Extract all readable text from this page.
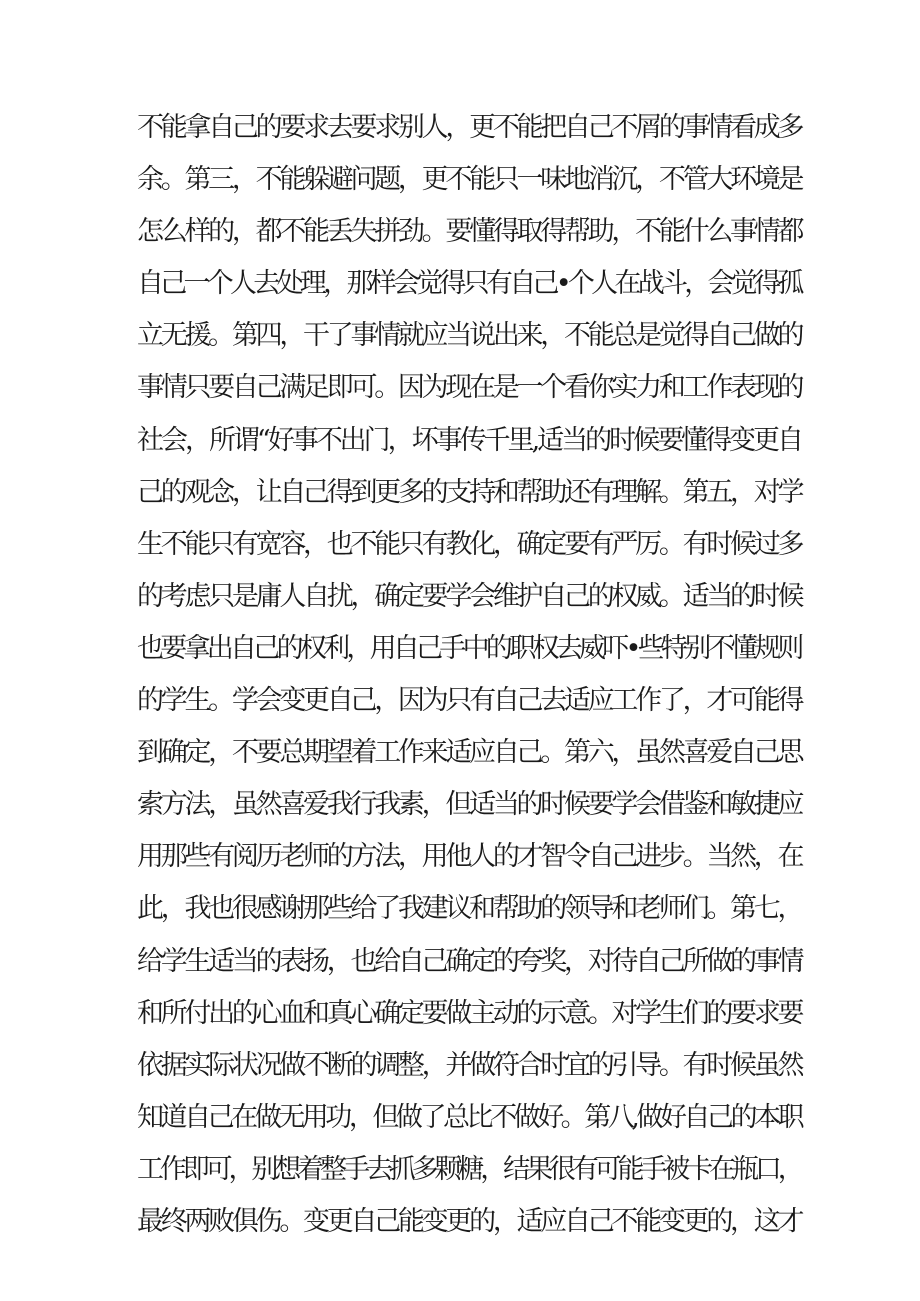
不能拿自己的要求去要求别人，更不能把自己不屑的事情看成多
余。第三，不能躲避问题，更不能只一味地消沉，不管大环境是
怎么样的，都不能丢失拼劲。要懂得取得帮助，不能什么事情都
自己一个人去处理，那样会觉得只有自己•个人在战斗，会觉得孤
立无援。第四，干了事情就应当说出来，不能总是觉得自己做的
事情只要自己满足即可。因为现在是一个看你实力和工作表现的
社会，所谓“好事不出门，坏事传千里,适当的时候要懂得变更自
己的观念，让自己得到更多的支持和帮助还有理解。第五，对学
生不能只有宽容，也不能只有教化，确定要有严厉。有时候过多
的考虑只是庸人自扰，确定要学会维护自己的权威。适当的时候
也要拿出自己的权利，用自己手中的职权去威吓•些特别不懂规则
的学生。学会变更自己，因为只有自己去适应工作了，才可能得
到确定，不要总期望着工作来适应自己。第六，虽然喜爱自己思
索方法，虽然喜爱我行我素，但适当的时候要学会借鉴和敏捷应
用那些有阅历老师的方法，用他人的才智令自己进步。当然，在
此，我也很感谢那些给了我建议和帮助的领导和老师们。第七，
给学生适当的表扬，也给自己确定的夸奖，对待自己所做的事情
和所付出的心血和真心确定要做主动的示意。对学生们的要求要
依据实际状况做不断的调整，并做符合时宜的引导。有时候虽然
知道自己在做无用功，但做了总比不做好。第八,做好自己的本职
工作即可，别想着整手去抓多颗糖，结果很有可能手被卡在瓶口，
最终两败俱伤。变更自己能变更的，适应自己不能变更的，这才
